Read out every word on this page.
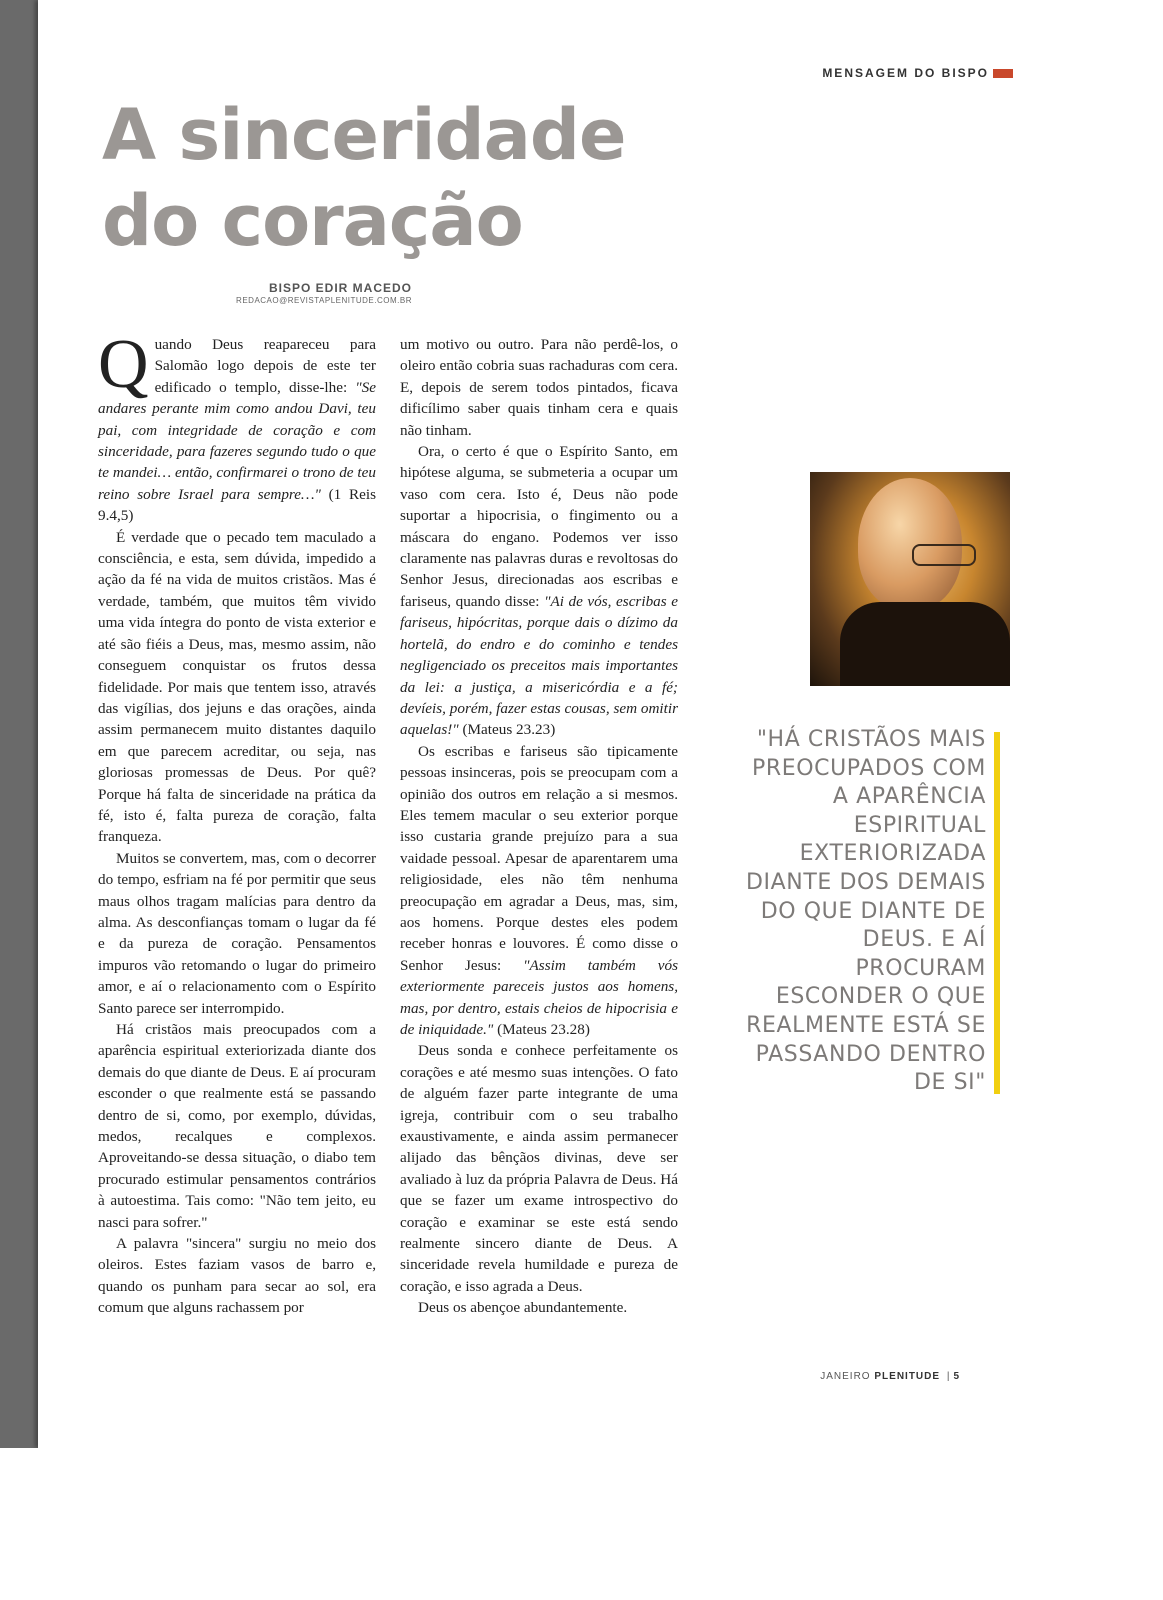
MENSAGEM DO BISPO
A sinceridade
do coração
BISPO EDIR MACEDO
REDACAO@REVISTAPLENITUDE.COM.BR

Quando Deus reapareceu para Salomão logo depois de este ter edificado o templo, disse-lhe: "Se andares perante mim como andou Davi, teu pai, com integridade de coração e com sinceridade, para fazeres segundo tudo o que te mandei… então, confirmarei o trono de teu reino sobre Israel para sempre…" (1 Reis 9.4,5)

É verdade que o pecado tem maculado a consciência, e esta, sem dúvida, impedido a ação da fé na vida de muitos cristãos. Mas é verdade, também, que muitos têm vivido uma vida íntegra do ponto de vista exterior e até são fiéis a Deus, mas, mesmo assim, não conseguem conquistar os frutos dessa fidelidade. Por mais que tentem isso, através das vigílias, dos jejuns e das orações, ainda assim permanecem muito distantes daquilo em que parecem acreditar, ou seja, nas gloriosas promessas de Deus. Por quê? Porque há falta de sinceridade na prática da fé, isto é, falta pureza de coração, falta franqueza.

Muitos se convertem, mas, com o decorrer do tempo, esfriam na fé por permitir que seus maus olhos tragam malícias para dentro da alma. As desconfianças tomam o lugar da fé e da pureza de coração. Pensamentos impuros vão retomando o lugar do primeiro amor, e aí o relacionamento com o Espírito Santo parece ser interrompido.

Há cristãos mais preocupados com a aparência espiritual exteriorizada diante dos demais do que diante de Deus. E aí procuram esconder o que realmente está se passando dentro de si, como, por exemplo, dúvidas, medos, recalques e complexos. Aproveitando-se dessa situação, o diabo tem procurado estimular pensamentos contrários à autoestima. Tais como: "Não tem jeito, eu nasci para sofrer."

A palavra "sincera" surgiu no meio dos oleiros. Estes faziam vasos de barro e, quando os punham para secar ao sol, era comum que alguns rachassem por

um motivo ou outro. Para não perdê-los, o oleiro então cobria suas rachaduras com cera. E, depois de serem todos pintados, ficava dificílimo saber quais tinham cera e quais não tinham.

Ora, o certo é que o Espírito Santo, em hipótese alguma, se submeteria a ocupar um vaso com cera. Isto é, Deus não pode suportar a hipocrisia, o fingimento ou a máscara do engano. Podemos ver isso claramente nas palavras duras e revoltosas do Senhor Jesus, direcionadas aos escribas e fariseus, quando disse: "Ai de vós, escribas e fariseus, hipócritas, porque dais o dízimo da hortelã, do endro e do cominho e tendes negligenciado os preceitos mais importantes da lei: a justiça, a misericórdia e a fé; devíeis, porém, fazer estas cousas, sem omitir aquelas!" (Mateus 23.23)

Os escribas e fariseus são tipicamente pessoas insinceras, pois se preocupam com a opinião dos outros em relação a si mesmos. Eles temem macular o seu exterior porque isso custaria grande prejuízo para a sua vaidade pessoal. Apesar de aparentarem uma religiosidade, eles não têm nenhuma preocupação em agradar a Deus, mas, sim, aos homens. Porque destes eles podem receber honras e louvores. É como disse o Senhor Jesus: "Assim também vós exteriormente pareceis justos aos homens, mas, por dentro, estais cheios de hipocrisia e de iniquidade." (Mateus 23.28)

Deus sonda e conhece perfeitamente os corações e até mesmo suas intenções. O fato de alguém fazer parte integrante de uma igreja, contribuir com o seu trabalho exaustivamente, e ainda assim permanecer alijado das bênçãos divinas, deve ser avaliado à luz da própria Palavra de Deus. Há que se fazer um exame introspectivo do coração e examinar se este está sendo realmente sincero diante de Deus. A sinceridade revela humildade e pureza de coração, e isso agrada a Deus.

Deus os abençoe abundantemente.

"HÁ CRISTÃOS MAIS PREOCUPADOS COM A APARÊNCIA ESPIRITUAL EXTERIORIZADA DIANTE DOS DEMAIS DO QUE DIANTE DE DEUS. E AÍ PROCURAM ESCONDER O QUE REALMENTE ESTÁ SE PASSANDO DENTRO DE SI"
JANEIRO PLENITUDE | 5
